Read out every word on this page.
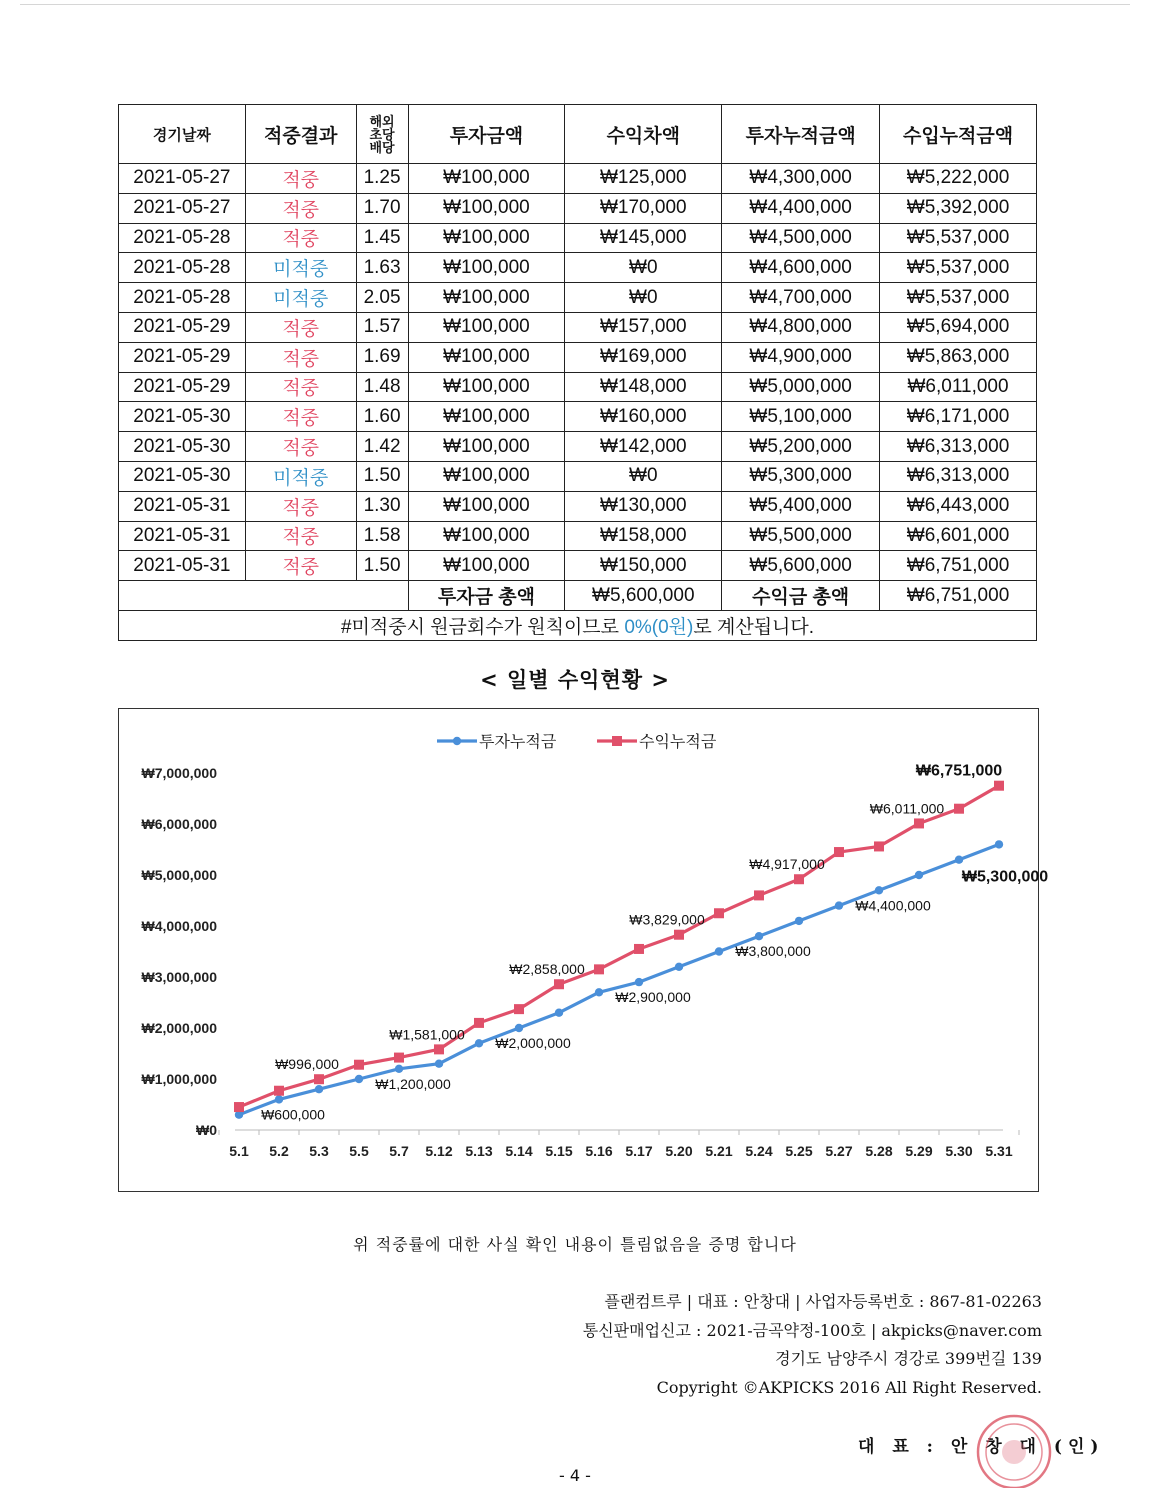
경기날짜	적중결과	해외
초당
배당	투자금액	수익차액	투자누적금액	수입누적금액
2021-05-27	적중	1.25	₩100,000	₩125,000	₩4,300,000	₩5,222,000
2021-05-27	적중	1.70	₩100,000	₩170,000	₩4,400,000	₩5,392,000
2021-05-28	적중	1.45	₩100,000	₩145,000	₩4,500,000	₩5,537,000
2021-05-28	미적중	1.63	₩100,000	₩0	₩4,600,000	₩5,537,000
2021-05-28	미적중	2.05	₩100,000	₩0	₩4,700,000	₩5,537,000
2021-05-29	적중	1.57	₩100,000	₩157,000	₩4,800,000	₩5,694,000
2021-05-29	적중	1.69	₩100,000	₩169,000	₩4,900,000	₩5,863,000
2021-05-29	적중	1.48	₩100,000	₩148,000	₩5,000,000	₩6,011,000
2021-05-30	적중	1.60	₩100,000	₩160,000	₩5,100,000	₩6,171,000
2021-05-30	적중	1.42	₩100,000	₩142,000	₩5,200,000	₩6,313,000
2021-05-30	미적중	1.50	₩100,000	₩0	₩5,300,000	₩6,313,000
2021-05-31	적중	1.30	₩100,000	₩130,000	₩5,400,000	₩6,443,000
2021-05-31	적중	1.58	₩100,000	₩158,000	₩5,500,000	₩6,601,000
2021-05-31	적중	1.50	₩100,000	₩150,000	₩5,600,000	₩6,751,000
			투자금 총액	₩5,600,000	수익금 총액	₩6,751,000
#미적중시 원금회수가 원칙이므로 0%(0원)로 계산됩니다.						
< 일별 수익현황 >
₩0
₩1,000,000
₩2,000,000
₩3,000,000
₩4,000,000
₩5,000,000
₩6,000,000
₩7,000,000
5.1 5.2 5.3 5.5 5.7 5.12 5.13 5.14 5.15 5.16 5.17 5.20 5.21 5.24 5.25 5.27 5.28 5.29 5.30 5.31
₩996,000
₩1,581,000
₩2,858,000
₩3,829,000
₩4,917,000
₩6,011,000
₩6,751,000
₩600,000
₩1,200,000
₩2,000,000
₩2,900,000
₩3,800,000
₩4,400,000
₩5,300,000
투자누적금	수익누적금
위 적중률에 대한 사실 확인 내용이 틀림없음을 증명 합니다
플랜컴트루 | 대표 : 안창대 | 사업자등록번호 : 867-81-02263
통신판매업신고 : 2021-금곡약정-100호 | akpicks@naver.com
경기도 남양주시 경강로 399번길 139
Copyright ©AKPICKS 2016 All Right Reserved.
대 표 : 안 창 대 (인)
- 4 -
